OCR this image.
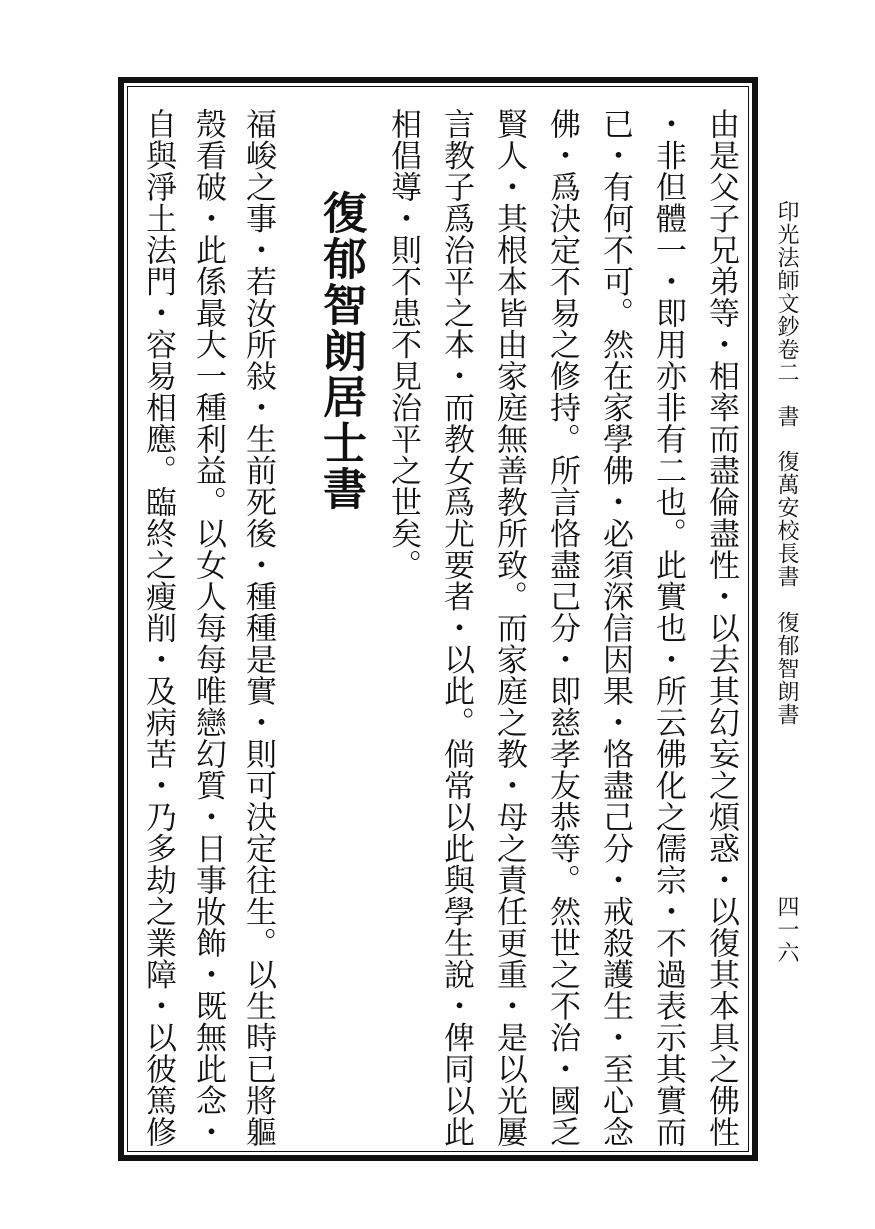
印光法師文鈔卷二
書
復萬安校長書　復郁智朗書
四一六
由是父子兄弟等・相率而盡倫盡性・以去其幻妄之煩惑・以復其本具之佛性
・非但體一・即用亦非有二也。此實也・所云佛化之儒宗・不過表示其實而
已・有何不可。然在家學佛・必須深信因果・恪盡己分・戒殺護生・至心念
佛・爲決定不易之修持。所言恪盡己分・即慈孝友恭等。然世之不治・國乏
賢人・其根本皆由家庭無善教所致。而家庭之教・母之責任更重・是以光屢
言教子爲治平之本・而教女爲尤要者・以此。倘常以此與學生說・俾同以此
相倡導・則不患不見治平之世矣。
復郁智朗居士書
福峻之事・若汝所敍・生前死後・種種是實・則可決定往生。以生時已將軀
殼看破・此係最大一種利益。以女人每每唯戀幻質・日事妝飾・既無此念・
自與淨土法門・容易相應。臨終之瘦削・及病苦・乃多劫之業障・以彼篤修
